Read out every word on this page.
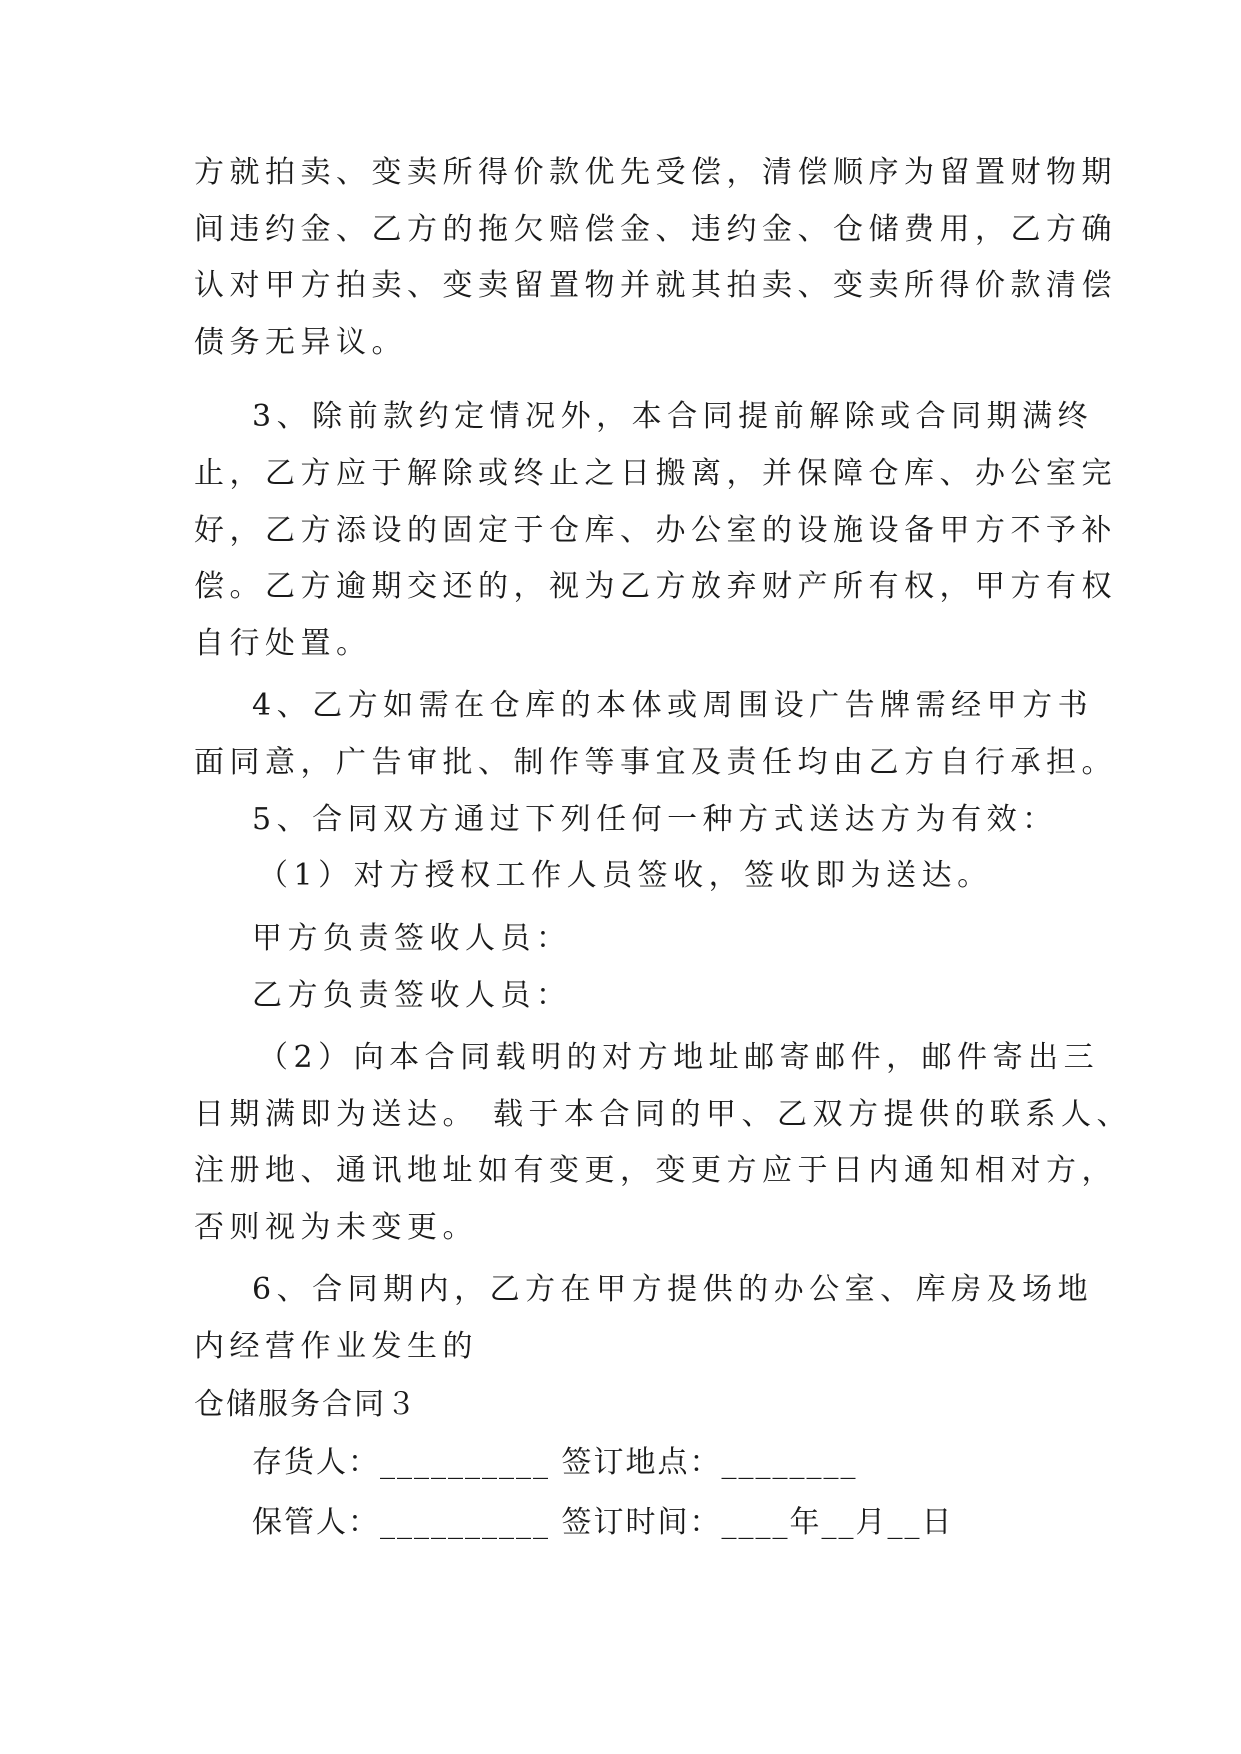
方就拍卖、变卖所得价款优先受偿，清偿顺序为留置财物期
间违约金、乙方的拖欠赔偿金、违约金、仓储费用，乙方确
认对甲方拍卖、变卖留置物并就其拍卖、变卖所得价款清偿
债务无异议。
3、除前款约定情况外，本合同提前解除或合同期满终
止，乙方应于解除或终止之日搬离，并保障仓库、办公室完
好，乙方添设的固定于仓库、办公室的设施设备甲方不予补
偿。乙方逾期交还的，视为乙方放弃财产所有权，甲方有权
自行处置。
4、乙方如需在仓库的本体或周围设广告牌需经甲方书
面同意，广告审批、制作等事宜及责任均由乙方自行承担。
5、合同双方通过下列任何一种方式送达方为有效：
（1）对方授权工作人员签收，签收即为送达。
甲方负责签收人员：
乙方负责签收人员：
（2）向本合同载明的对方地址邮寄邮件，邮件寄出三
日期满即为送达。 载于本合同的甲、乙双方提供的联系人、
注册地、通讯地址如有变更，变更方应于日内通知相对方，
否则视为未变更。
6、合同期内，乙方在甲方提供的办公室、库房及场地
内经营作业发生的
仓储服务合同３
存货人：__________ 签订地点：________
保管人：__________ 签订时间：____年__月__日
